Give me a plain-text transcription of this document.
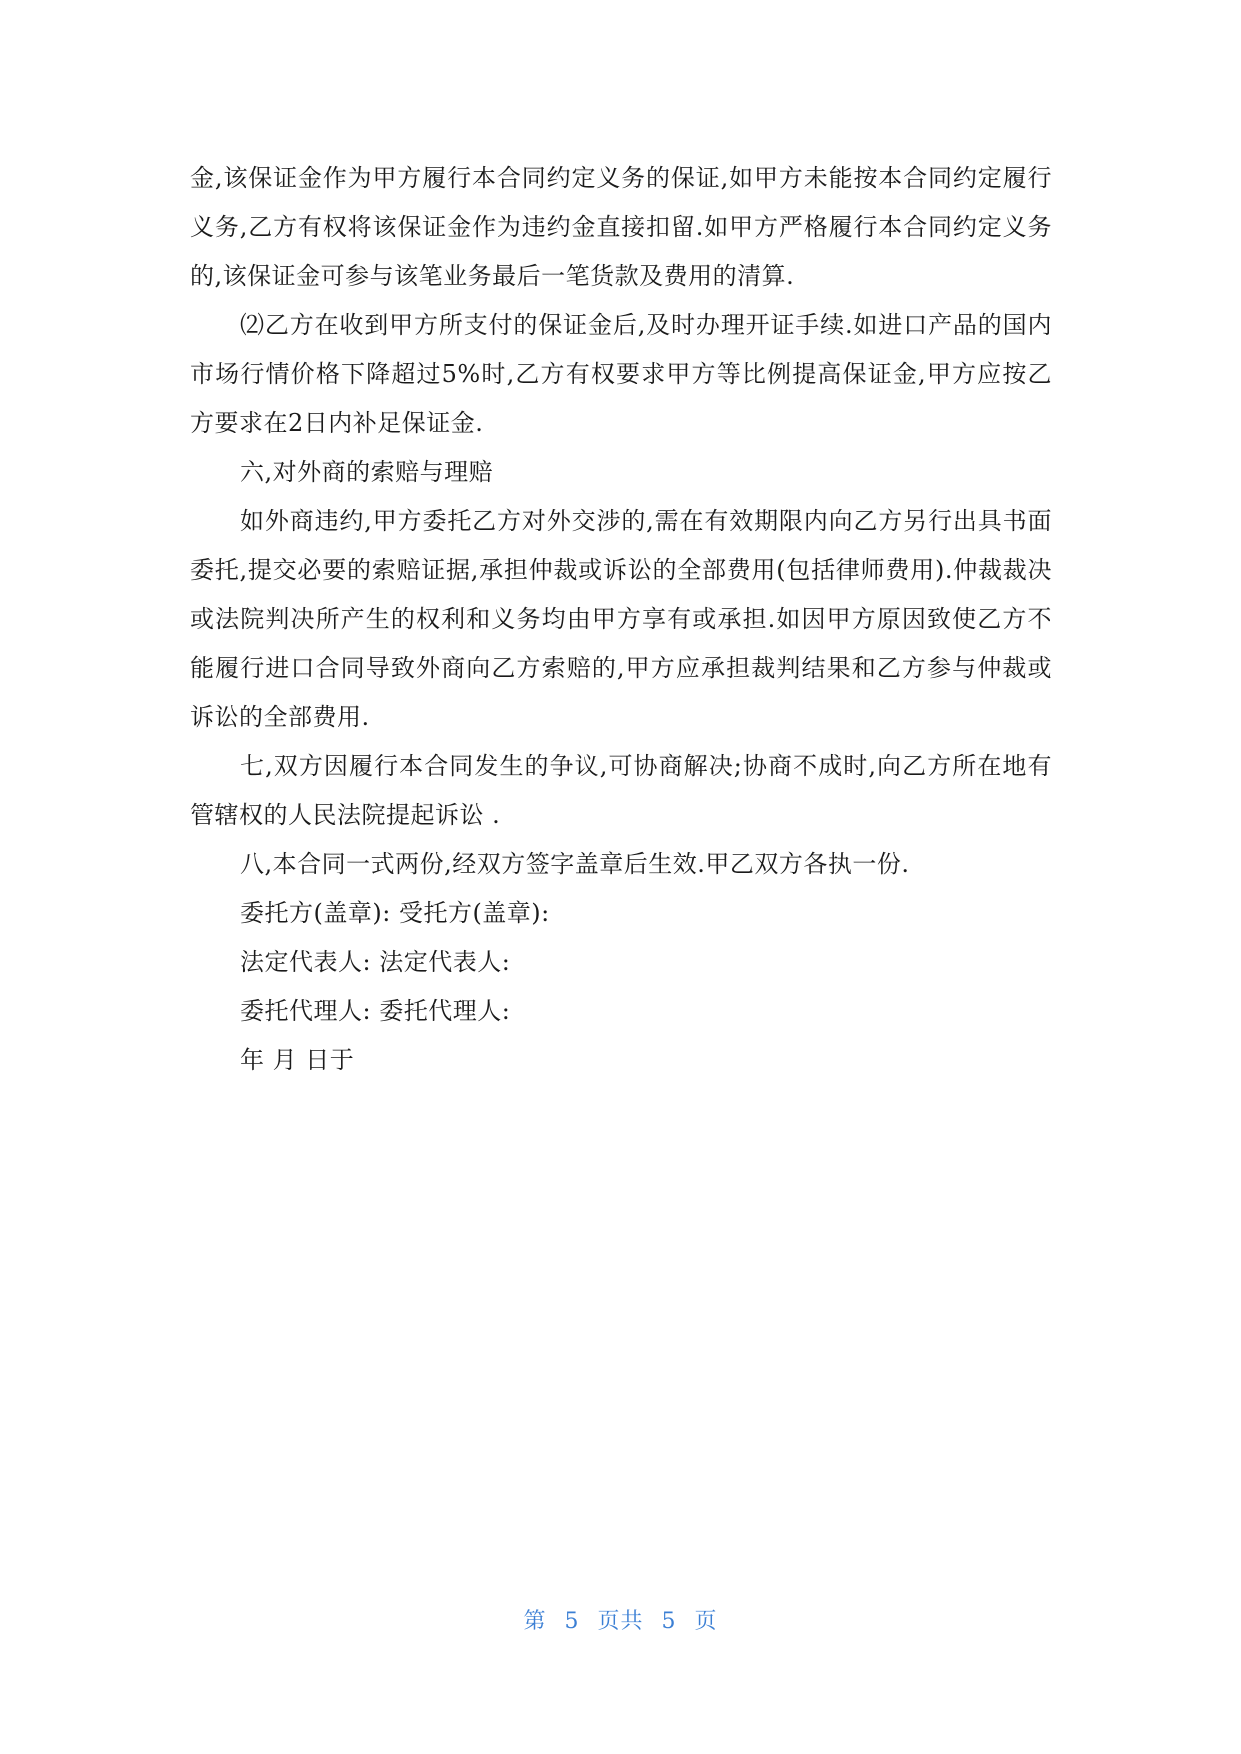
金,该保证金作为甲方履行本合同约定义务的保证,如甲方未能按本合同约定履行义务,乙方有权将该保证金作为违约金直接扣留.如甲方严格履行本合同约定义务的,该保证金可参与该笔业务最后一笔货款及费用的清算.

⑵乙方在收到甲方所支付的保证金后,及时办理开证手续.如进口产品的国内市场行情价格下降超过5%时,乙方有权要求甲方等比例提高保证金,甲方应按乙方要求在2日内补足保证金.

六,对外商的索赔与理赔

如外商违约,甲方委托乙方对外交涉的,需在有效期限内向乙方另行出具书面委托,提交必要的索赔证据,承担仲裁或诉讼的全部费用(包括律师费用).仲裁裁决或法院判决所产生的权利和义务均由甲方享有或承担.如因甲方原因致使乙方不能履行进口合同导致外商向乙方索赔的,甲方应承担裁判结果和乙方参与仲裁或诉讼的全部费用.

七,双方因履行本合同发生的争议,可协商解决;协商不成时,向乙方所在地有管辖权的人民法院提起诉讼 .

八,本合同一式两份,经双方签字盖章后生效.甲乙双方各执一份.

委托方(盖章): 受托方(盖章):

法定代表人: 法定代表人:

委托代理人: 委托代理人:

年 月 日于

第 5 页共 5 页
